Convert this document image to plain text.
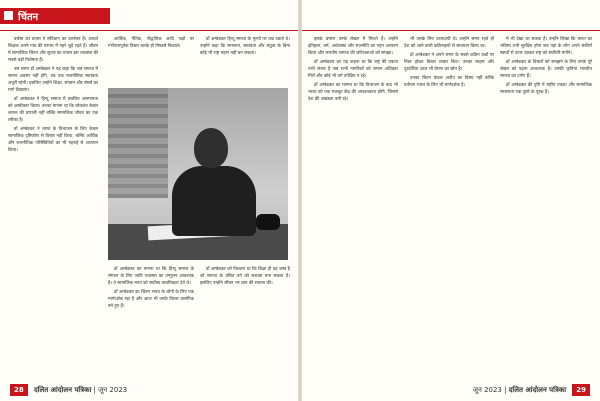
चिंतन

वर्चस्व का प्रयास ये संविधान का उल्लंघन है। आदर्श शिक्षक अपने गांव की परंपरा में गहरे जुड़े रहते हैं। जीवन में सामाजिक चिंतन और सुधार का प्रयास इस व्यवस्था की सबसे बड़ी विशेषता है।

उस समय डॉ अम्बेडकर ने यह कहा कि जब समाज में समान अवसर नहीं होंगे, तब तक राजनीतिक स्वतंत्रता अधूरी रहेगी। इसलिए उन्होंने शिक्षा, संगठन और संघर्ष का मार्ग दिखाया।

डॉ अम्बेडकर ने हिन्दू समाज में प्रचलित असमानता को अस्वीकार किया। उनका मानना था कि लोकतंत्र केवल शासन की प्रणाली नहीं बल्कि सामाजिक जीवन का एक तरीका है।

डॉ अम्बेडकर ने भारत के विभाजन के लिए केवल सामाजिक दृष्टिकोण से विचार नहीं किया, बल्कि आर्थिक और राजनीतिक परिस्थितियों का भी गहराई से अध्ययन किया।

आर्थिक, नैतिक, सैद्धांतिक आदि पक्षों पर गंभीरतापूर्वक विचार करके ही निष्कर्ष निकाले।

डॉ अम्बेडकर हिन्दू समाज के मूल्यों पर प्रश्न उठाते थे। उन्होंने कहा कि समानता, स्वतंत्रता और बंधुत्व के बिना कोई भी राष्ट्र महान नहीं बन सकता।

डॉ अम्बेडकर का मानना था कि हिन्दू समाज के संगठन के लिए जाति व्यवस्था का उन्मूलन आवश्यक है। वे सामाजिक न्याय को सर्वोच्च प्राथमिकता देते थे।

डॉ अम्बेडकर का चिंतन भारत के लोगों के लिए एक मार्गदर्शक रहा है और आज भी उनके विचार प्रासंगिक बने हुए हैं।

डॉ अम्बेडकर को विश्वास था कि शिक्षा ही वह शस्त्र है जो समाज के वंचित वर्ग को सशक्त बना सकता है। इसलिए उन्होंने जीवन भर ज्ञान की साधना की।

28 दलित आंदोलन पत्रिका | जून 2023

इसके प्रमाण उनके लेखन में मिलते हैं। उन्होंने इतिहास, धर्म, अर्थशास्त्र और राजनीति का गहन अध्ययन किया और भारतीय समाज की जटिलताओं को समझा।

डॉ अम्बेडकर का यह कहना था कि राष्ट्र की एकता तभी संभव है जब सभी नागरिकों को समान अधिकार मिलें और कोई भी वर्ग उपेक्षित न रहे।

डॉ अम्बेडकर का मानना था कि विभाजन के बाद भी भारत को एक मजबूत केंद्र की आवश्यकता होगी, जिससे देश की अखंडता बनी रहे।

भी उसके लिए उत्तरदायी थे। उन्होंने समय रहते ही देश को आने वाली कठिनाइयों से सावधान किया था।

डॉ अम्बेडकर ने अपने समय के सबसे कठिन प्रश्नों पर निडर होकर विचार व्यक्त किए। उनका साहस और दूरदर्शिता आज भी प्रेरणा का स्रोत है।

उनका चिंतन केवल अतीत का विषय नहीं बल्कि वर्तमान भारत के लिए भी मार्गदर्शक है।

में भी देखा जा सकता है। उन्होंने लिखा कि भारत का भविष्य तभी सुरक्षित होगा जब यहां के लोग अपने संकीर्ण स्वार्थों से ऊपर उठकर राष्ट्र को सर्वोपरि मानेंगे।

डॉ अम्बेडकर के विचारों को समझने के लिए उनके पूरे लेखन को पढ़ना आवश्यक है। उनकी कृतियां भारतीय समाज का दर्पण हैं।

डॉ अम्बेडकर की दृष्टि में राष्ट्रीय एकता और सामाजिक समरसता एक दूसरे के पूरक हैं।

जून 2023 | दलित आंदोलन पत्रिका 29
